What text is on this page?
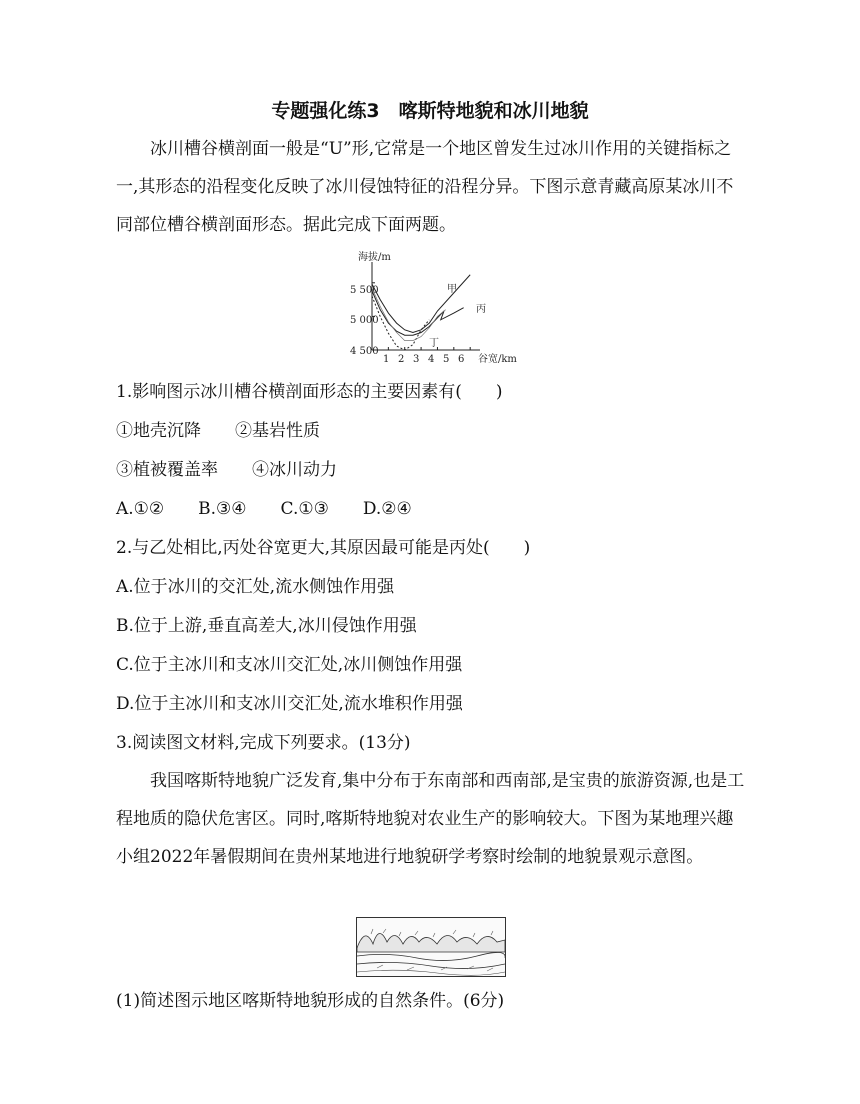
专题强化练3　喀斯特地貌和冰川地貌

冰川槽谷横剖面一般是“U”形,它常是一个地区曾发生过冰川作用的关键指标之一,其形态的沿程变化反映了冰川侵蚀特征的沿程分异。下图示意青藏高原某冰川不同部位槽谷横剖面形态。据此完成下面两题。

海拔/m
谷宽/km
5 500
5 000
4 500
1 2 3 4 5 6
甲
丙
丁

1.影响图示冰川槽谷横剖面形态的主要因素有(　　)

①地壳沉降　　②基岩性质

③植被覆盖率　　④冰川动力

A.①②　　B.③④　　C.①③　　D.②④

2.与乙处相比,丙处谷宽更大,其原因最可能是丙处(　　)

A.位于冰川的交汇处,流水侧蚀作用强

B.位于上游,垂直高差大,冰川侵蚀作用强

C.位于主冰川和支冰川交汇处,冰川侧蚀作用强

D.位于主冰川和支冰川交汇处,流水堆积作用强

3.阅读图文材料,完成下列要求。(13分)

我国喀斯特地貌广泛发育,集中分布于东南部和西南部,是宝贵的旅游资源,也是工程地质的隐伏危害区。同时,喀斯特地貌对农业生产的影响较大。下图为某地理兴趣小组2022年暑假期间在贵州某地进行地貌研学考察时绘制的地貌景观示意图。

(1)简述图示地区喀斯特地貌形成的自然条件。(6分)
